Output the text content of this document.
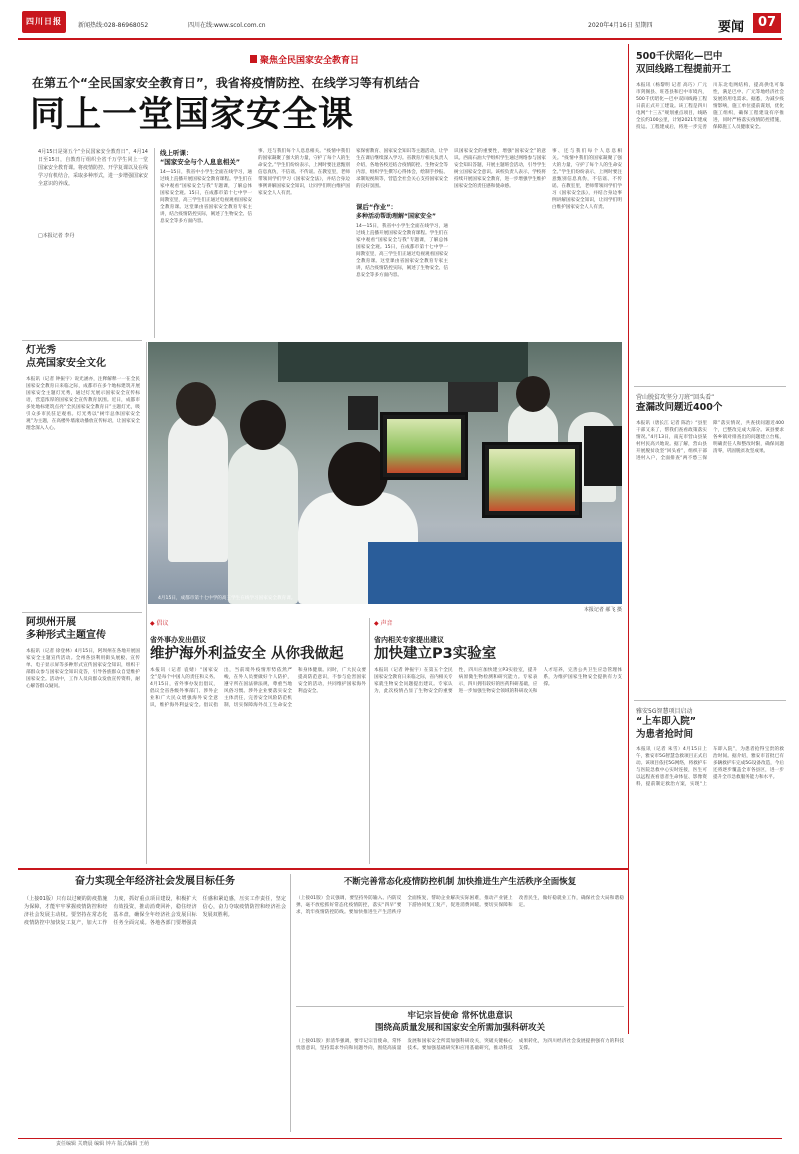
四川日报	新闻热线:028-86968052	四川在线:www.scol.com.cn	2020年4月16日 星期四	要闻	07
聚焦全民国家安全教育日
在第五个“全民国家安全教育日”，我省将疫情防控、在线学习等有机结合
同上一堂国家安全课
4月15日是第五个“全民国家安全教育日”，4月14日至15日，自教育厅组织全省千万学生同上一堂国家安全教育课。将疫情防控、开学复课以及在线学习有机结合，采取多种形式，进一步增强国家安全意识的养成。
□本报记者 李丹
线上听课：
“国家安全与个人息息相关”
14—15日，我省中小学生全面在线学习，通过线上直播开展国家安全教育课程。学生们在家中观看“国家安全与我”专题课，了解总体国家安全观。15日，在成都市第十七中学一间教室里，高三学生们正通过电视观看国家安全教育课。这堂课由省国家安全教育专家主讲，结合疫情防控实际，阐述了生物安全、信息安全等多方面内容。
事、还与我们每个人息息相关。“疫情中我们的国家凝聚了强大的力量，守护了每个人的生命安全。”学生们纷纷表示，上网时要注意甄别信息真伪，不信谣、不传谣。在教室里，老师带领同学们学习《国家安全法》，并结合身边事例讲解国家安全知识，让同学们明白维护国家安全人人有责。
家保密教育、国家安全知识等主题活动，让学生在课后继续深入学习。省教育厅相关负责人介绍，各地各校还结合疫情防控、生物安全等内容，组织学生撰写心得体会，绘制手抄报、录制短视频等，营造全社会关心支持国家安全的良好氛围。
课后“作业”：
多种活动帮助理解“国家安全”
14—15日，我省中小学生全面在线学习，通过线上直播开展国家安全教育课程。学生们在家中观看“国家安全与我”专题课，了解总体国家安全观。15日，在成都市第十七中学一间教室里，高三学生们正通过电视观看国家安全教育课。这堂课由省国家安全教育专家主讲，结合疫情防控实际，阐述了生物安全、信息安全等多方面内容。
识国家安全的重要性，增强“国家安全”的意识。西南石油大学组织学生通过网络参与国家安全知识答题，开展主题班会活动，引导学生树立国家安全意识。该校负责人表示，学校将持续开展国家安全教育，进一步增强学生维护国家安全的责任感和使命感。
事、还与我们每个人息息相关。“疫情中我们的国家凝聚了强大的力量，守护了每个人的生命安全。”学生们纷纷表示，上网时要注意甄别信息真伪，不信谣、不传谣。在教室里，老师带领同学们学习《国家安全法》，并结合身边事例讲解国家安全知识，让同学们明白维护国家安全人人有责。
4月15日，成都市第十七中学的高三学生在线学习国家安全教育课。
本报记者 郝飞 摄
灯光秀
点亮国家安全文化
本报讯（记者 钟振宇）说光涵亦，注释解释一一在全民国家安全教育日来临之际，成都市在多个地标建筑开展国家安全主题灯光秀，通过灯光展示国家安全宣传标语，营造浓厚的国家安全宣传教育氛围。近日，成都市多处地标建筑点亮“全民国家安全教育日”主题灯光，吸引众多市民驻足观看。灯光秀以“树牢总体国家安全观”为主题，在高楼外墙滚动播放宣传标语，让国家安全理念深入人心。
阿坝州开展
多种形式主题宣传
本报讯（记者 徐登林）4月15日，阿坝州在各地开展国家安全主题宣传活动。全州各县利用街头展板、宣传单、电子显示屏等多种形式宣传国家安全知识，组织干部群众参与国家安全知识竞答，引导各族群众自觉维护国家安全。活动中，工作人员向群众发放宣传资料，耐心解答群众疑问。
◆ 倡议
省外事办发出倡议
维护海外利益安全 从你我做起
本报讯（记者 袁婧）“国家安全”是每个中国人的责任和义务。4月15日，省外事办发出倡议，倡议全省各级外事部门、涉外企业和广大民众增强海外安全意识，维护海外利益安全。倡议指出，当前境外疫情形势依然严峻，在外人员要做好个人防护，遵守所在国法律法规，尊重当地风俗习惯。涉外企业要落实安全主体责任，完善安全风险防范机制，切实保障海外员工生命安全和身体健康。同时，广大民众要提高防范意识，不参与危害国家安全的活动，共同维护国家海外利益安全。
◆ 声音
省内相关专家提出建议
加快建立P3实验室
本报讯（记者 钟振宇）在第五个全民国家安全教育日来临之际，省内相关专家就生物安全问题提出建议。专家认为，此次疫情凸显了生物安全的重要性，四川应加快建立P3实验室，提升病原微生物检测和研究能力。专家表示，四川拥有较好的医药科研基础，应进一步加强生物安全领域的科研攻关和人才培养，完善公共卫生应急管理体系，为维护国家生物安全提供有力支撑。
500千伏昭化—巴中
双回线路工程提前开工
本报讯（杨黎明 记者 高巧）广元市剑阁县、旺苍县和巴中市境内，500千伏昭化—巴中双回线路工程日前正式开工建设。该工程是四川电网“十三五”规划重点项目，线路全长约100公里，计划2021年建成投运。工程建成后，将进一步完善川东北电网结构，提高供电可靠性，满足巴中、广元等地经济社会发展的用电需求。据悉，为减少疫情影响，施工单位提前谋划，优化施工组织，确保工程建设有序推进，同时严格落实疫情防控措施，保障施工人员健康安全。
营山脱贫攻坚分刀班“回头看”
查漏改问题近400个
本报讯（唐长江 记者 陈治）“县里干部又来了，帮我们查看政策落实情况。”4月13日，南充市营山县某村村民高兴地说。据了解，营山县开展脱贫攻坚“回头看”，组织干部进村入户，全面排查“两不愁三保障”落实情况，共查找问题近400个，已整改完成大部分。该县要求各乡镇对排查出的问题建立台账，明确责任人和整改时限，确保问题清零，巩固脱贫攻坚成果。
雅安5G智慧项目启动
“上车即入院”
为患者抢时间
本报讯（记者 朱雪）4月15日上午，雅安市5G智慧急救项目正式启动。该项目依托5G网络，将救护车与医院急救中心实时连接，医生可以远程查看患者生命体征、影像资料，提前制定救治方案，实现“上车即入院”，为患者抢得宝贵的救治时间。据介绍，雅安市首批已有多辆救护车完成5G设备改造，今后还将逐步覆盖全市各县区，进一步提升全市急救服务能力和水平。
奋力实现全年经济社会发展目标任务
（上接01版）只有以过硬的防疫措施为保障，才能牢牢掌握疫情防控和经济社会发展主动权。要坚持在常态化疫情防控中加快复工复产，加大工作力度，抓好重点项目建设，积极扩大有效投资，推动消费回补，稳住经济基本盘，确保全年经济社会发展目标任务全面完成。各地各部门要增强责任感和紧迫感，压实工作责任，坚定信心，奋力夺取疫情防控和经济社会发展双胜利。
不断完善常态化疫情防控机制 加快推进生产生活秩序全面恢复
（上接01版）会议强调，要坚持外防输入、内防反弹，毫不放松抓好常态化疫情防控，落实“四早”要求，筑牢疫情防控防线。要加快推进生产生活秩序全面恢复，帮助企业解决实际困难，推动产业链上下游协同复工复产，促进消费回暖。要切实保障和改善民生，做好稳就业工作，确保社会大局和谐稳定。
牢记宗旨使命 常怀忧患意识
围绕高质量发展和国家安全所需加强科研攻关
（上接01版）彭清华强调，要牢记宗旨使命，常怀忧患意识，坚持需求导向和问题导向，围绕高质量发展和国家安全所需加强科研攻关，突破关键核心技术。要加强基础研究和应用基础研究，推动科技成果转化，为四川经济社会发展提供强有力的科技支撑。
责任编辑 关晓晨 编辑 钟卉 版式编辑 王萌
